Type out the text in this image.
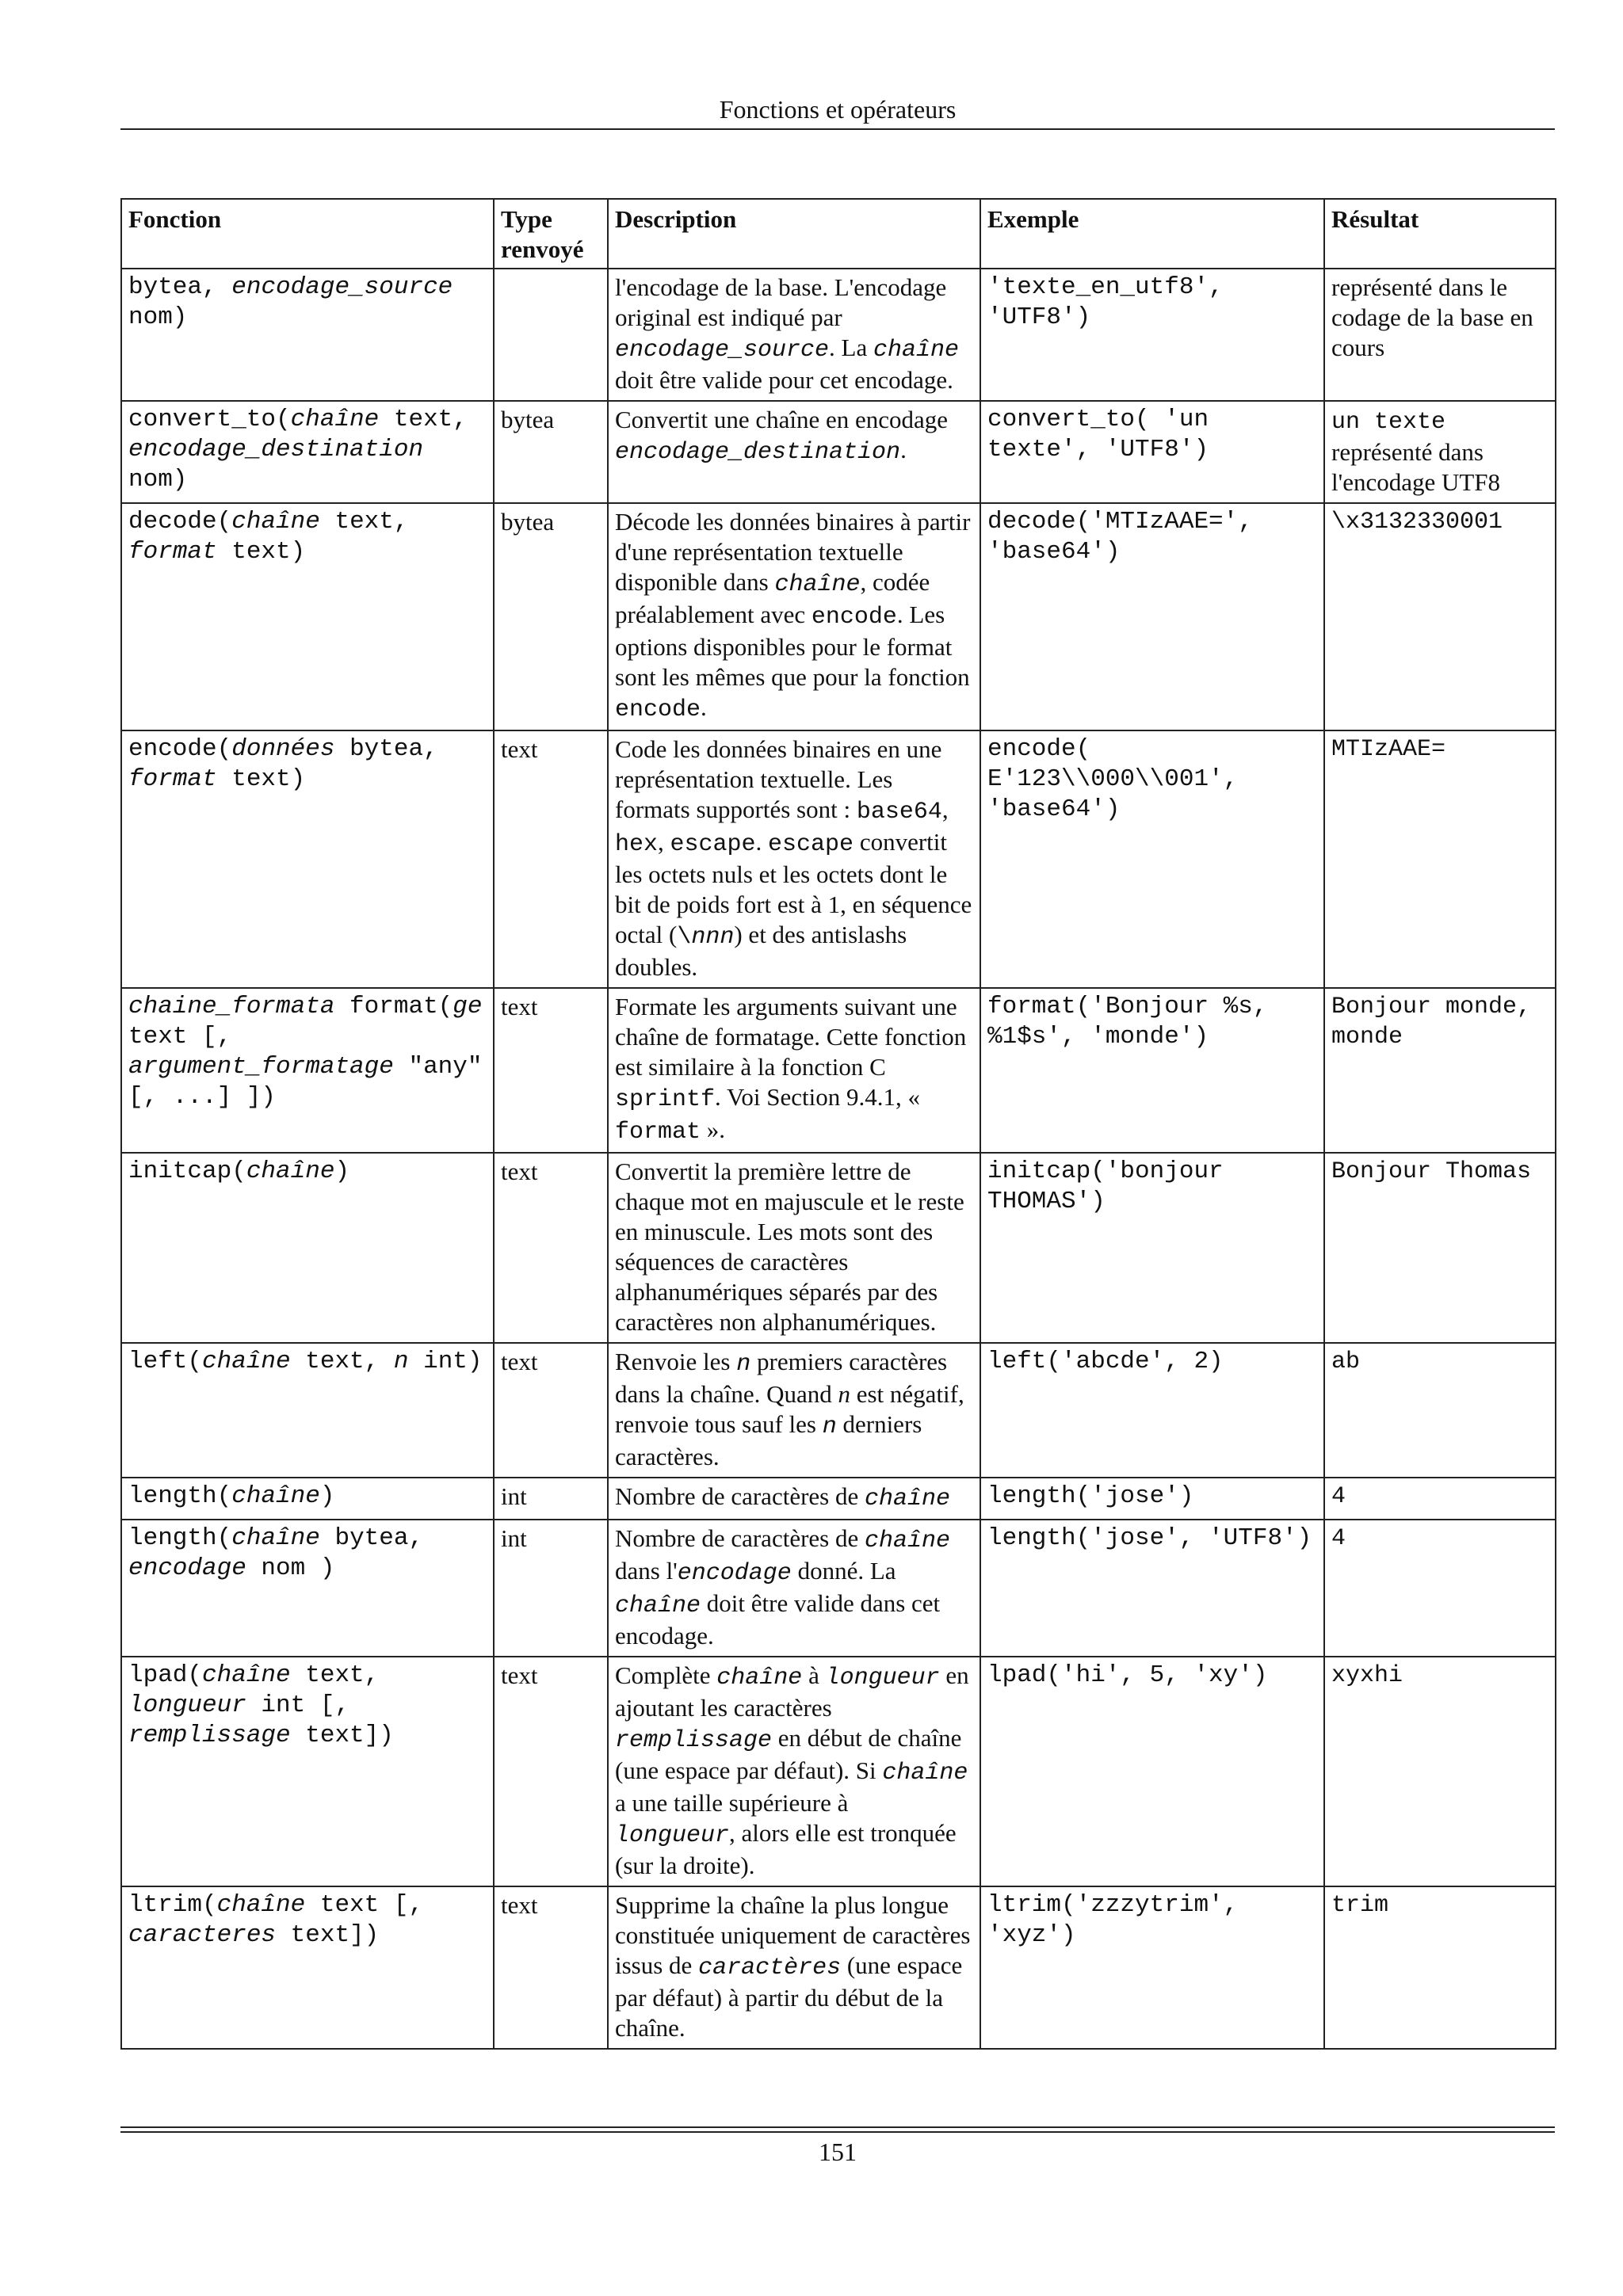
Fonctions et opérateurs
Fonction	Type renvoyé	Description	Exemple	Résultat
bytea, encodage_source nom)		l'encodage de la base. L'encodage original est indiqué par encodage_source. La chaîne doit être valide pour cet encodage.	'texte_en_utf8', 'UTF8')	représenté dans le codage de la base en cours
convert_to(chaîne text, encodage_destination nom)	bytea	Convertit une chaîne en encodage encodage_destination.	convert_to( 'un texte', 'UTF8')	un texte représenté dans l'encodage UTF8
decode(chaîne text, format text)	bytea	Décode les données binaires à partir d'une représentation textuelle disponible dans chaîne, codée préalablement avec encode. Les options disponibles pour le format sont les mêmes que pour la fonction encode.	decode('MTIzAAE=', 'base64')	\x3132330001
encode(données bytea, format text)	text	Code les données binaires en une représentation textuelle. Les formats supportés sont : base64, hex, escape. escape convertit les octets nuls et les octets dont le bit de poids fort est à 1, en séquence octal (\nnn) et des antislashs doubles.	encode( E'123\\000\\001', 'base64')	MTIzAAE=
chaine_formata format(ge text [, argument_formatage "any" [, ...] ])	text	Formate les arguments suivant une chaîne de formatage. Cette fonction est similaire à la fonction C sprintf. Voi Section 9.4.1, « format ».	format('Bonjour %s, %1$s', 'monde')	Bonjour monde, monde
initcap(chaîne)	text	Convertit la première lettre de chaque mot en majuscule et le reste en minuscule. Les mots sont des séquences de caractères alphanumériques séparés par des caractères non alphanumériques.	initcap('bonjour THOMAS')	Bonjour Thomas
left(chaîne text, n int)	text	Renvoie les n premiers caractères dans la chaîne. Quand n est négatif, renvoie tous sauf les n derniers caractères.	left('abcde', 2)	ab
length(chaîne)	int	Nombre de caractères de chaîne	length('jose')	4
length(chaîne bytea, encodage nom )	int	Nombre de caractères de chaîne dans l'encodage donné. La chaîne doit être valide dans cet encodage.	length('jose', 'UTF8')	4
lpad(chaîne text, longueur int [, remplissage text])	text	Complète chaîne à longueur en ajoutant les caractères remplissage en début de chaîne (une espace par défaut). Si chaîne a une taille supérieure à longueur, alors elle est tronquée (sur la droite).	lpad('hi', 5, 'xy')	xyxhi
ltrim(chaîne text [, caracteres text])	text	Supprime la chaîne la plus longue constituée uniquement de caractères issus de caractères (une espace par défaut) à partir du début de la chaîne.	ltrim('zzzytrim', 'xyz')	trim
151
